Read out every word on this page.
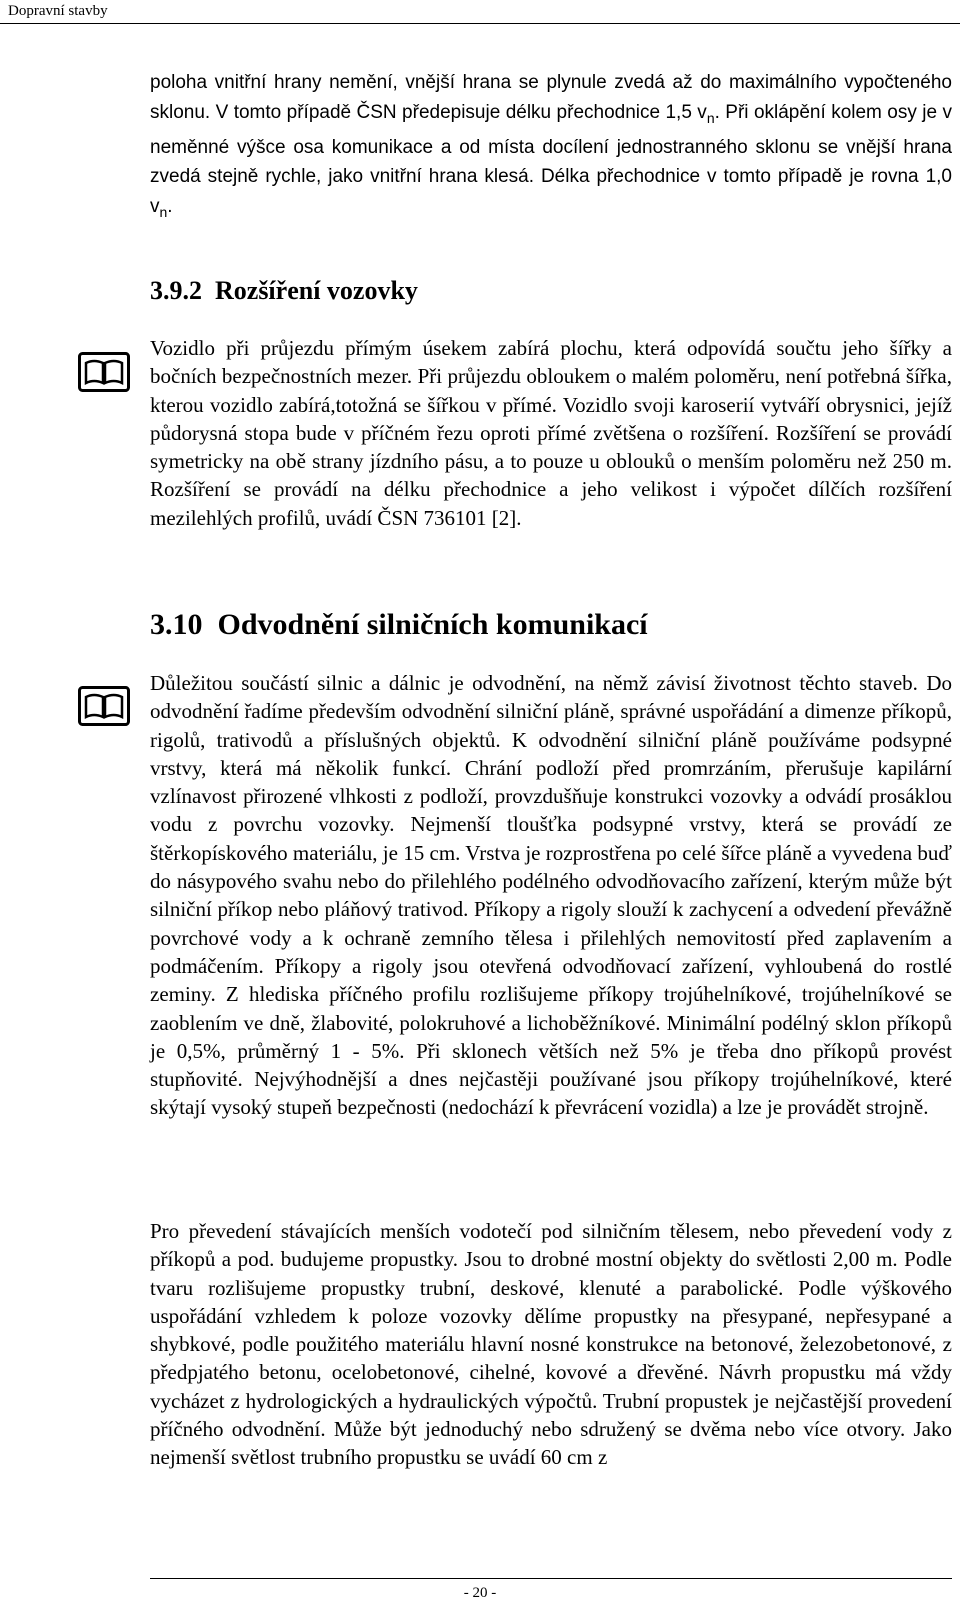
Dopravní stavby

poloha vnitřní hrany nemění, vnější hrana se plynule zvedá až do maximálního vypočteného sklonu. V tomto případě ČSN předepisuje délku přechodnice 1,5 $v_n$. Při oklápění kolem osy je v neměnné výšce osa komunikace a od místa docílení jednostranného sklonu se vnější hrana zvedá stejně rychle, jako vnitřní hrana klesá. Délka přechodnice v tomto případě je rovna 1,0 $v_n$.

3.9.2 Rozšíření vozovky

Vozidlo při průjezdu přímým úsekem zabírá plochu, která odpovídá součtu jeho šířky a bočních bezpečnostních mezer. Při průjezdu obloukem o malém poloměru, není potřebná šířka, kterou vozidlo zabírá,totožná se šířkou v přímé. Vozidlo svoji karoserií vytváří obrysnici, jejíž půdorysná stopa bude v příčném řezu oproti přímé zvětšena o rozšíření. Rozšíření se provádí symetricky na obě strany jízdního pásu, a to pouze u oblouků o menším poloměru než 250 m. Rozšíření se provádí na délku přechodnice a jeho velikost i výpočet dílčích rozšíření mezilehlých profilů, uvádí ČSN 736101 [2].

3.10 Odvodnění silničních komunikací

Důležitou součástí silnic a dálnic je odvodnění, na němž závisí životnost těchto staveb. Do odvodnění řadíme především odvodnění silniční pláně, správné uspořádání a dimenze příkopů, rigolů, trativodů a příslušných objektů. K odvodnění silniční pláně používáme podsypné vrstvy, která má několik funkcí. Chrání podloží před promrzáním, přerušuje kapilární vzlínavost přirozené vlhkosti z podloží, provzdušňuje konstrukci vozovky a odvádí prosáklou vodu z povrchu vozovky. Nejmenší tloušťka podsypné vrstvy, která se provádí ze štěrkopískového materiálu, je 15 cm. Vrstva je rozprostřena po celé šířce pláně a vyvedena buď do násypového svahu nebo do přilehlého podélného odvodňovacího zařízení, kterým může být silniční příkop nebo pláňový trativod. Příkopy a rigoly slouží k zachycení a odvedení převážně povrchové vody a k ochraně zemního tělesa i přilehlých nemovitostí před zaplavením a podmáčením. Příkopy a rigoly jsou otevřená odvodňovací zařízení, vyhloubená do rostlé zeminy. Z hlediska příčného profilu rozlišujeme příkopy trojúhelníkové, trojúhelníkové se zaoblením ve dně, žlabovité, polokruhové a lichoběžníkové. Minimální podélný sklon příkopů je 0,5%, průměrný 1 - 5%. Při sklonech větších než 5% je třeba dno příkopů provést stupňovité. Nejvýhodnější a dnes nejčastěji používané jsou příkopy trojúhelníkové, které skýtají vysoký stupeň bezpečnosti (nedochází k převrácení vozidla) a lze je provádět strojně.

Pro převedení stávajících menších vodotečí pod silničním tělesem, nebo převedení vody z příkopů a pod. budujeme propustky. Jsou to drobné mostní objekty do světlosti 2,00 m. Podle tvaru rozlišujeme propustky trubní, deskové, klenuté a parabolické. Podle výškového uspořádání vzhledem k poloze vozovky dělíme propustky na přesypané, nepřesypané a shybkové, podle použitého materiálu hlavní nosné konstrukce na betonové, železobetonové, z předpjatého betonu, ocelobetonové, cihelné, kovové a dřevěné. Návrh propustku má vždy vycházet z hydrologických a hydraulických výpočtů. Trubní propustek je nejčastější provedení příčného odvodnění. Může být jednoduchý nebo sdružený se dvěma nebo více otvory. Jako nejmenší světlost trubního propustku se uvádí 60 cm z

- 20 -
